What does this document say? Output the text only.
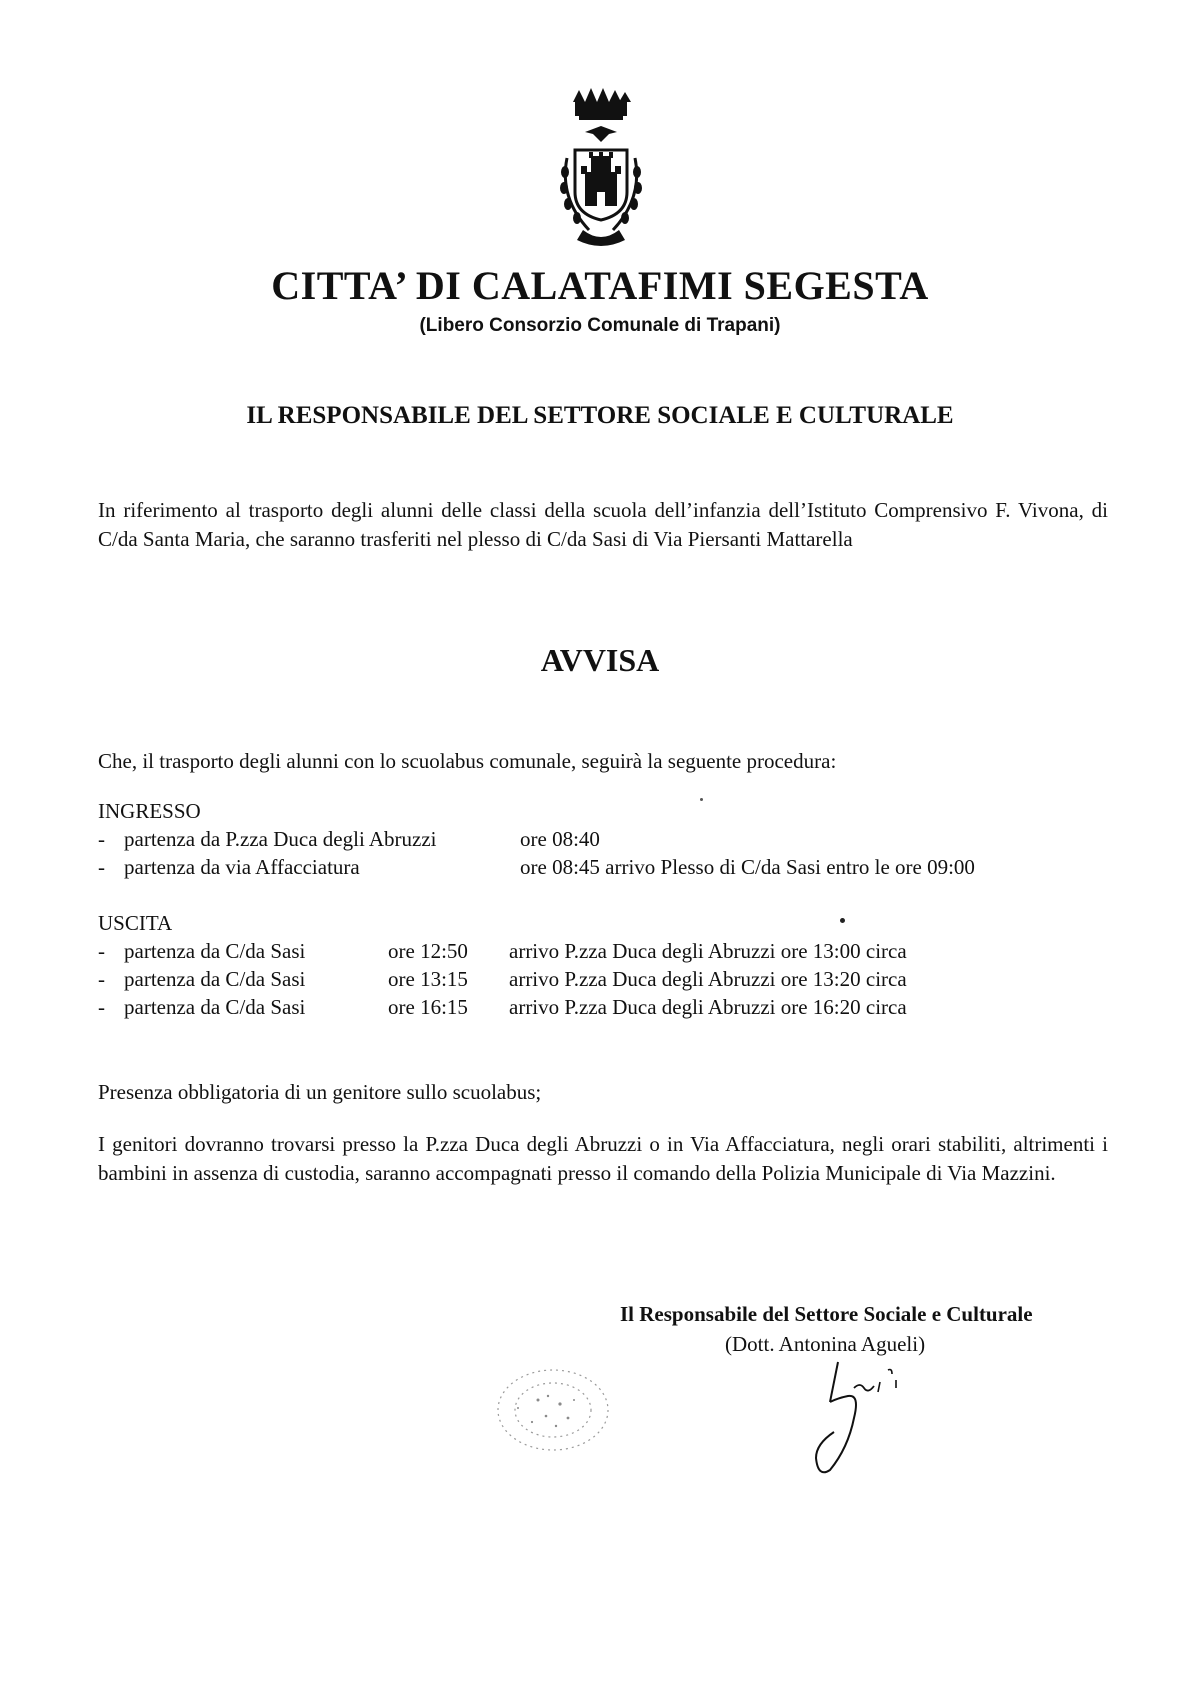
CITTA’ DI CALATAFIMI SEGESTA
(Libero Consorzio Comunale di Trapani)
IL RESPONSABILE DEL SETTORE SOCIALE E CULTURALE
In riferimento al trasporto degli alunni delle classi della scuola dell’infanzia dell’Istituto Comprensivo F. Vivona, di C/da Santa Maria, che saranno trasferiti nel plesso di C/da Sasi di Via Piersanti Mattarella
AVVISA
Che, il trasporto degli alunni con lo scuolabus comunale, seguirà la seguente procedura:
INGRESSO
- partenza da P.zza Duca degli Abruzzi	ore 08:40
- partenza da via Affacciatura	ore 08:45 arrivo Plesso di C/da Sasi entro le ore 09:00
USCITA
- partenza da C/da Sasi	ore 12:50 arrivo P.zza Duca degli Abruzzi ore 13:00 circa
- partenza da C/da Sasi	ore 13:15 arrivo P.zza Duca degli Abruzzi ore 13:20 circa
- partenza da C/da Sasi	ore 16:15 arrivo P.zza Duca degli Abruzzi ore 16:20 circa
Presenza obbligatoria di un genitore sullo scuolabus;
I genitori dovranno trovarsi presso la P.zza Duca degli Abruzzi o in Via Affacciatura, negli orari stabiliti, altrimenti i bambini in assenza di custodia, saranno accompagnati presso il comando della Polizia Municipale di Via Mazzini.
Il Responsabile del Settore Sociale e Culturale
(Dott. Antonina Agueli)
